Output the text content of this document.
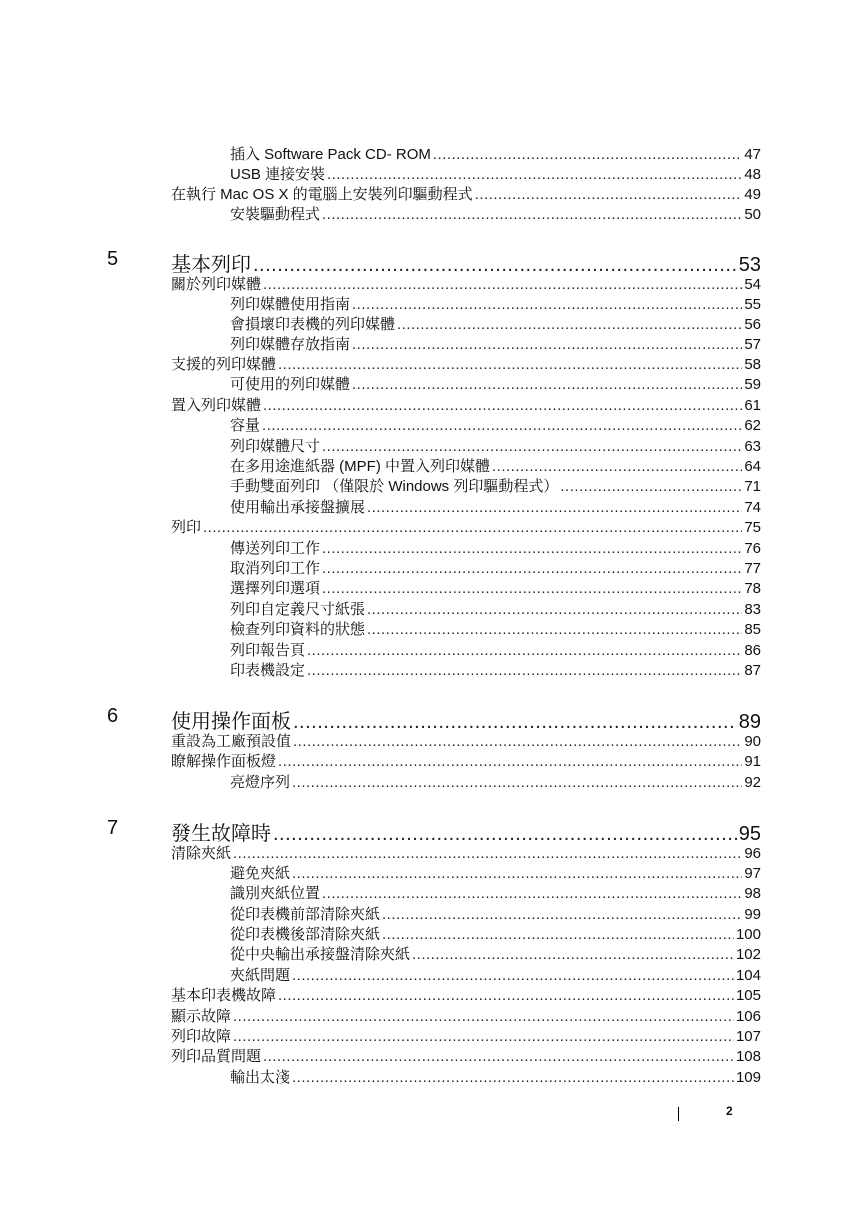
插入 Software Pack CD- ROM .....	47
USB 連接安裝 .....	48
在執行 Mac OS X 的電腦上安裝列印驅動程式 .....	49
安裝驅動程式 .....	50
5	基本列印 .....	53
關於列印媒體 .....	54
列印媒體使用指南 .....	55
會損壞印表機的列印媒體 .....	56
列印媒體存放指南 .....	57
支援的列印媒體 .....	58
可使用的列印媒體 .....	59
置入列印媒體 .....	61
容量 .....	62
列印媒體尺寸 .....	63
在多用途進紙器 (MPF) 中置入列印媒體 .....	64
手動雙面列印 （僅限於 Windows 列印驅動程式） .....	71
使用輸出承接盤擴展 .....	74
列印 .....	75
傳送列印工作 .....	76
取消列印工作 .....	77
選擇列印選項 .....	78
列印自定義尺寸紙張 .....	83
檢查列印資料的狀態 .....	85
列印報告頁 .....	86
印表機設定 .....	87
6	使用操作面板 .....	89
重設為工廠預設值 .....	90
瞭解操作面板燈 .....	91
亮燈序列 .....	92
7	發生故障時 .....	95
清除夾紙 .....	96
避免夾紙 .....	97
識別夾紙位置 .....	98
從印表機前部清除夾紙 .....	99
從印表機後部清除夾紙 .....	100
從中央輸出承接盤清除夾紙 .....	102
夾紙問題 .....	104
基本印表機故障 .....	105
顯示故障 .....	106
列印故障 .....	107
列印品質問題 .....	108
輸出太淺 .....	109
2
